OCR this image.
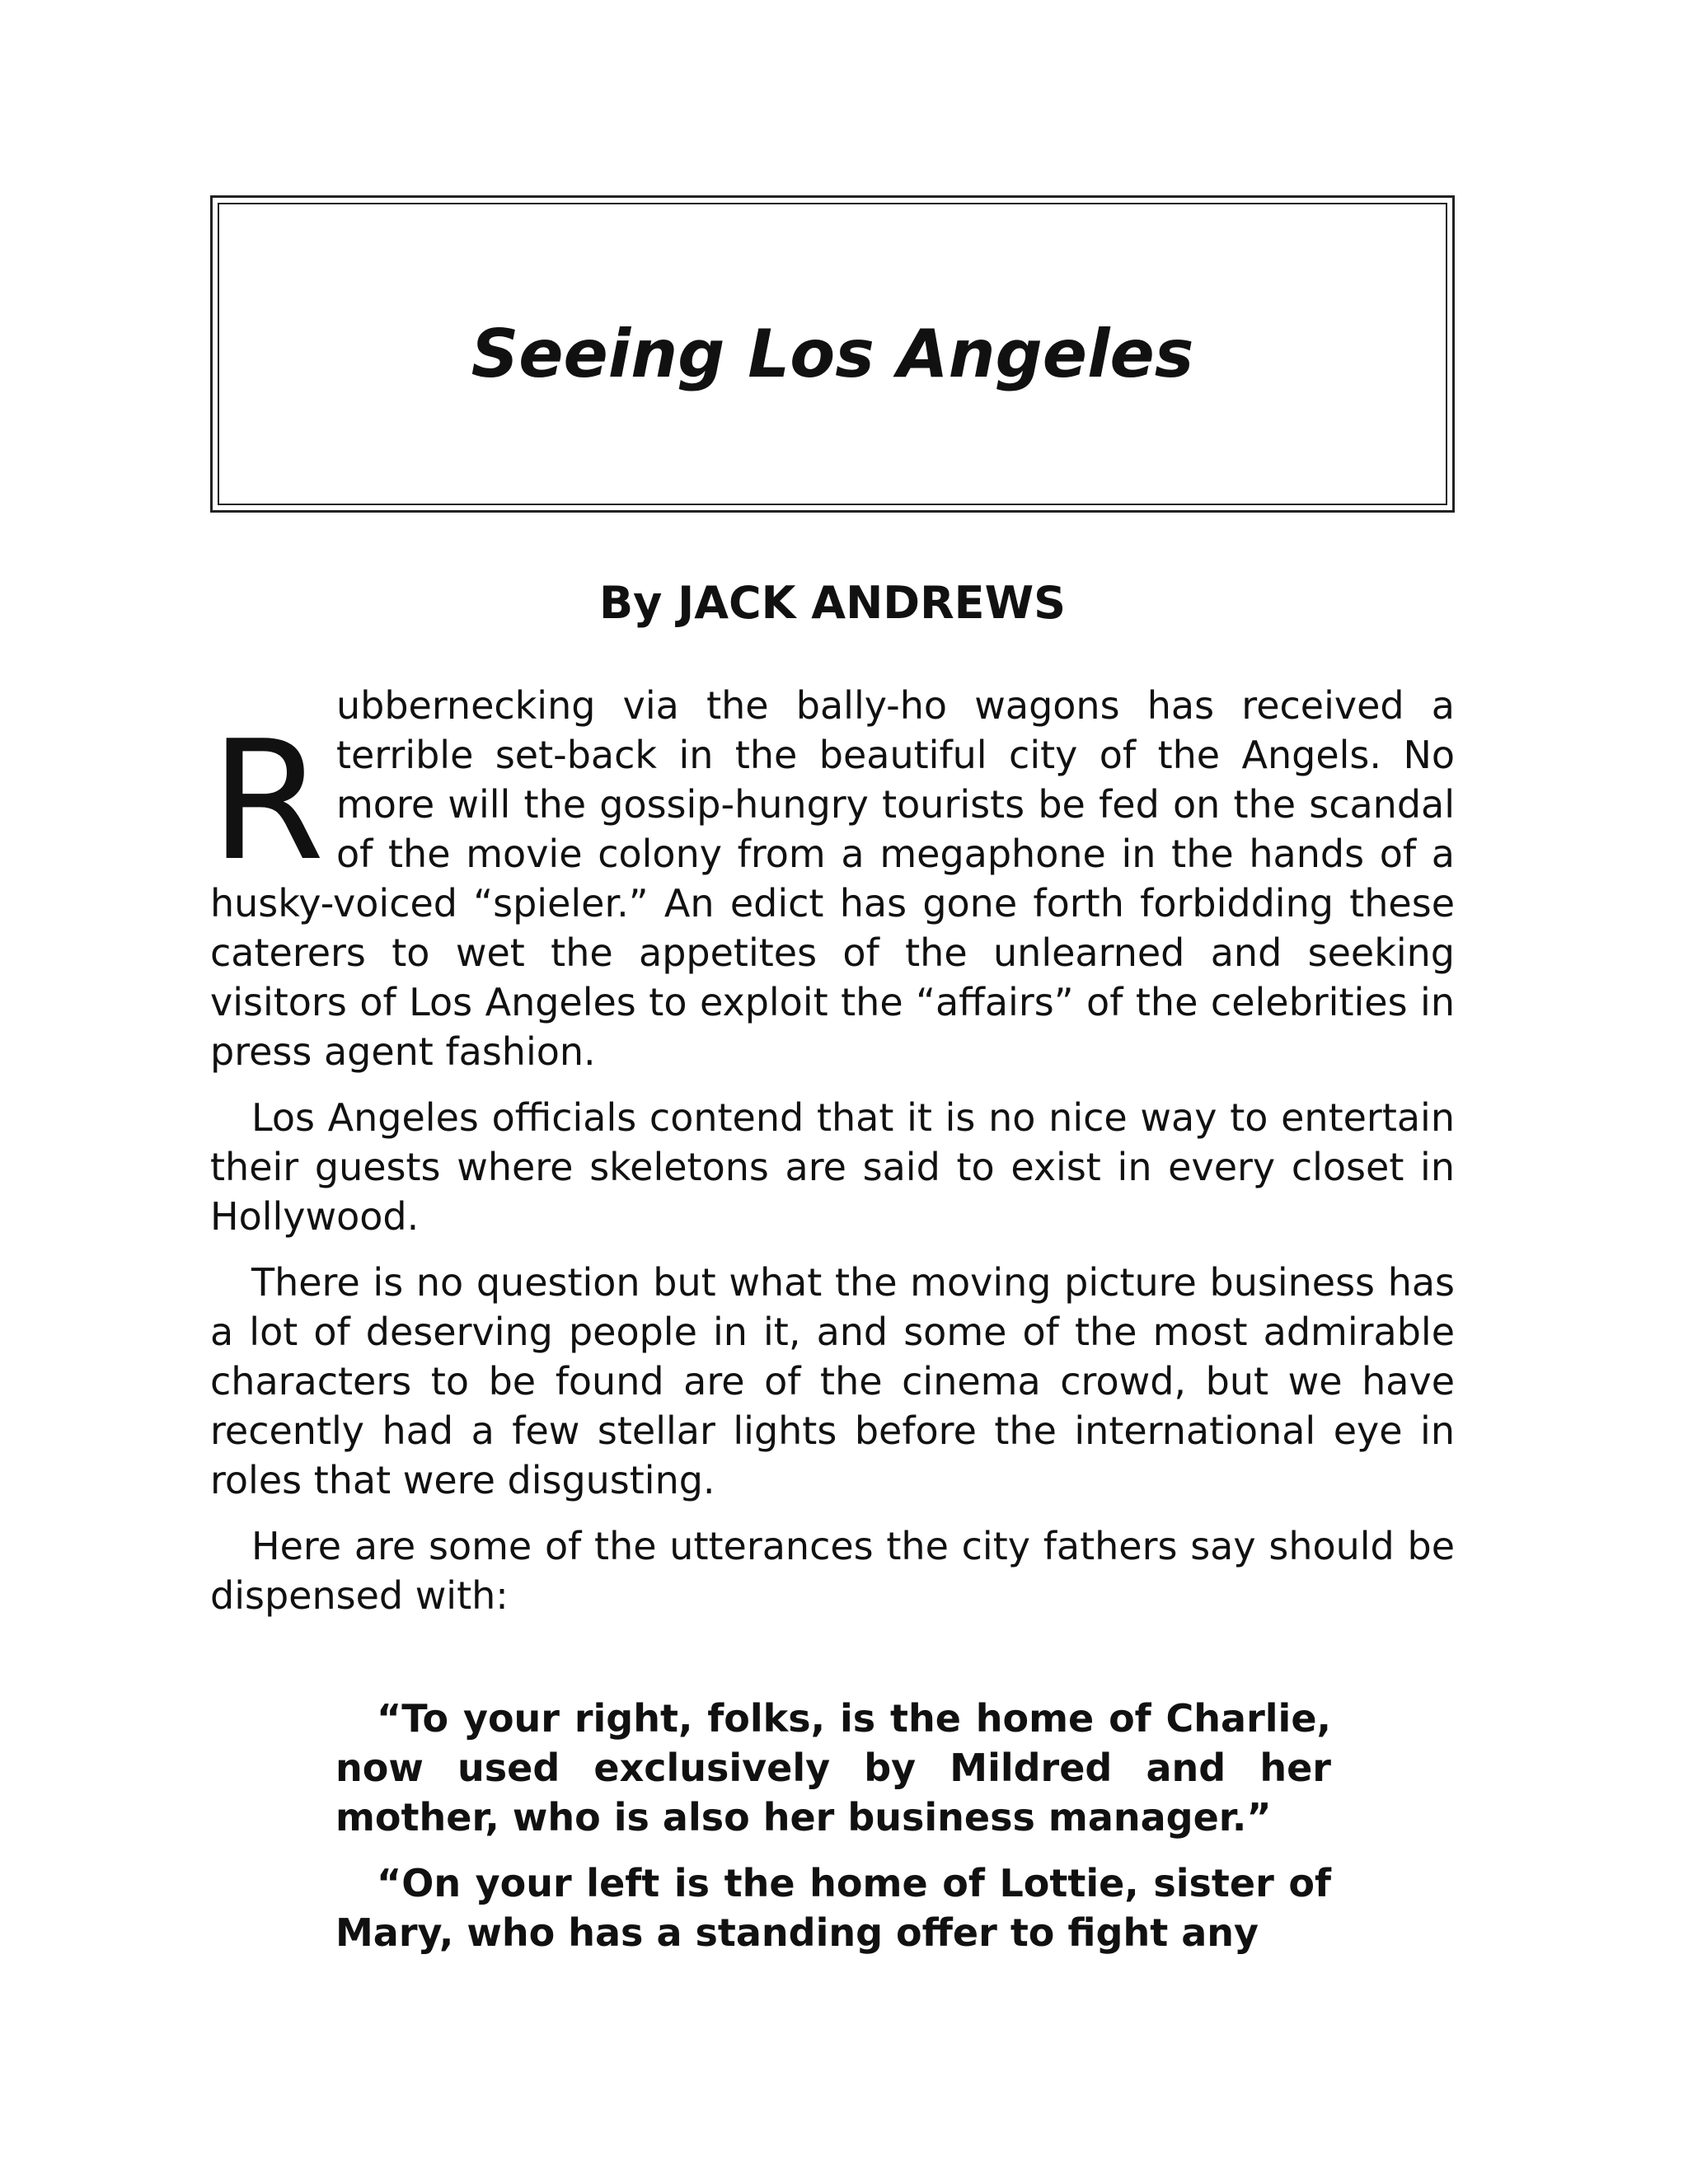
Seeing Los Angeles
By JACK ANDREWS

Rubbernecking via the bally-ho wagons has received a terrible set-back in the beautiful city of the Angels. No more will the gossip-hungry tourists be fed on the scandal of the movie colony from a megaphone in the hands of a husky-voiced “spieler.” An edict has gone forth forbidding these caterers to wet the appetites of the unlearned and seeking visitors of Los Angeles to exploit the “affairs” of the celebrities in press agent fashion.

Los Angeles officials contend that it is no nice way to entertain their guests where skeletons are said to exist in every closet in Hollywood.

There is no question but what the moving picture business has a lot of deserving people in it, and some of the most admirable characters to be found are of the cinema crowd, but we have recently had a few stellar lights before the international eye in roles that were disgusting.

Here are some of the utterances the city fathers say should be dispensed with:

“To your right, folks, is the home of Charlie, now used exclusively by Mildred and her mother, who is also her business manager.”

“On your left is the home of Lottie, sister of Mary, who has a standing offer to fight any
